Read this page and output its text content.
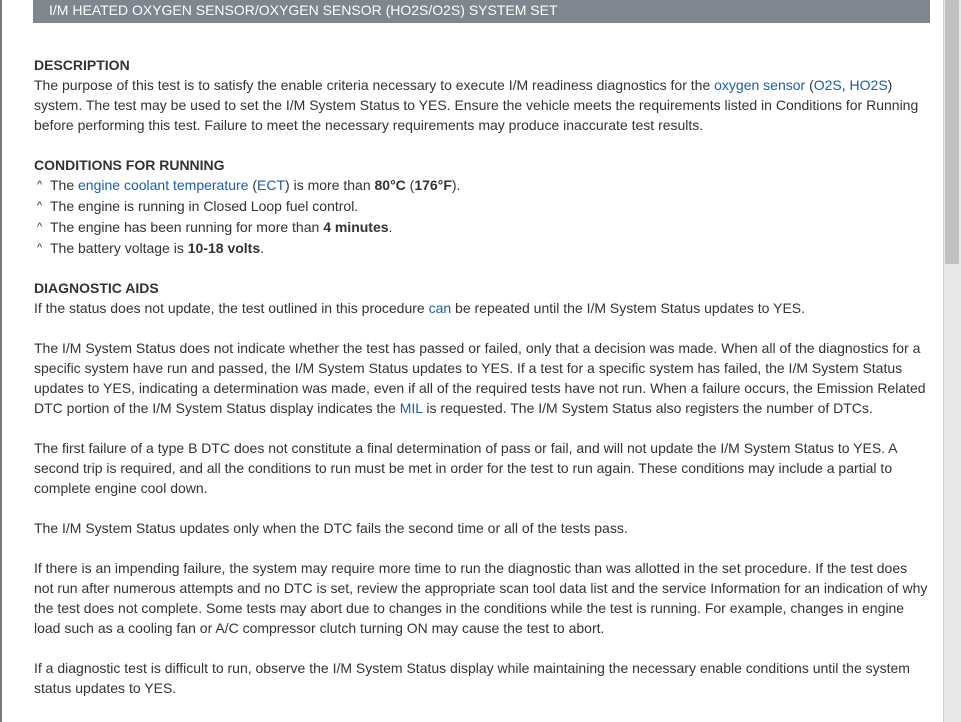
I/M HEATED OXYGEN SENSOR/OXYGEN SENSOR (HO2S/O2S) SYSTEM SET

DESCRIPTION

The purpose of this test is to satisfy the enable criteria necessary to execute I/M readiness diagnostics for the oxygen sensor (O2S, HO2S) system. The test may be used to set the I/M System Status to YES. Ensure the vehicle meets the requirements listed in Conditions for Running before performing this test. Failure to meet the necessary requirements may produce inaccurate test results.

CONDITIONS FOR RUNNING

^ The engine coolant temperature (ECT) is more than 80°C (176°F).
^ The engine is running in Closed Loop fuel control.
^ The engine has been running for more than 4 minutes.
^ The battery voltage is 10-18 volts.

DIAGNOSTIC AIDS

If the status does not update, the test outlined in this procedure can be repeated until the I/M System Status updates to YES.

The I/M System Status does not indicate whether the test has passed or failed, only that a decision was made. When all of the diagnostics for a specific system have run and passed, the I/M System Status updates to YES. If a test for a specific system has failed, the I/M System Status updates to YES, indicating a determination was made, even if all of the required tests have not run. When a failure occurs, the Emission Related DTC portion of the I/M System Status display indicates the MIL is requested. The I/M System Status also registers the number of DTCs.

The first failure of a type B DTC does not constitute a final determination of pass or fail, and will not update the I/M System Status to YES. A second trip is required, and all the conditions to run must be met in order for the test to run again. These conditions may include a partial to complete engine cool down.

The I/M System Status updates only when the DTC fails the second time or all of the tests pass.

If there is an impending failure, the system may require more time to run the diagnostic than was allotted in the set procedure. If the test does not run after numerous attempts and no DTC is set, review the appropriate scan tool data list and the service Information for an indication of why the test does not complete. Some tests may abort due to changes in the conditions while the test is running. For example, changes in engine load such as a cooling fan or A/C compressor clutch turning ON may cause the test to abort.

If a diagnostic test is difficult to run, observe the I/M System Status display while maintaining the necessary enable conditions until the system status updates to YES.
